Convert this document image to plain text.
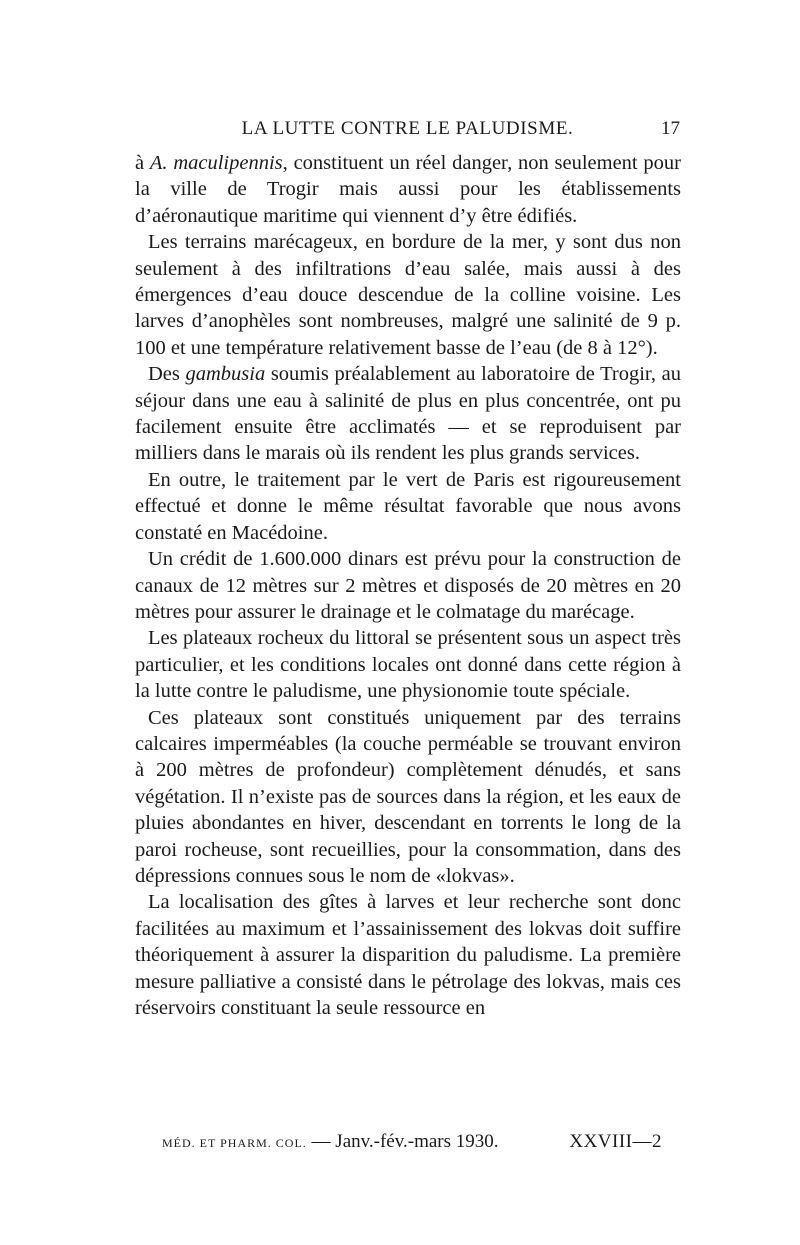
LA LUTTE CONTRE LE PALUDISME.	17

à A. maculipennis, constituent un réel danger, non seulement pour la ville de Trogir mais aussi pour les établissements d’aéronautique maritime qui viennent d’y être édifiés.

Les terrains marécageux, en bordure de la mer, y sont dus non seulement à des infiltrations d’eau salée, mais aussi à des émergences d’eau douce descendue de la colline voisine. Les larves d’anophèles sont nombreuses, malgré une salinité de 9 p. 100 et une température relativement basse de l’eau (de 8 à 12°).

Des gambusia soumis préalablement au laboratoire de Trogir, au séjour dans une eau à salinité de plus en plus concentrée, ont pu facilement ensuite être acclimatés — et se reproduisent par milliers dans le marais où ils rendent les plus grands services.

En outre, le traitement par le vert de Paris est rigoureusement effectué et donne le même résultat favorable que nous avons constaté en Macédoine.

Un crédit de 1.600.000 dinars est prévu pour la construction de canaux de 12 mètres sur 2 mètres et disposés de 20 mètres en 20 mètres pour assurer le drainage et le colmatage du marécage.

Les plateaux rocheux du littoral se présentent sous un aspect très particulier, et les conditions locales ont donné dans cette région à la lutte contre le paludisme, une physionomie toute spéciale.

Ces plateaux sont constitués uniquement par des terrains calcaires imperméables (la couche perméable se trouvant environ à 200 mètres de profondeur) complètement dénudés, et sans végétation. Il n’existe pas de sources dans la région, et les eaux de pluies abondantes en hiver, descendant en torrents le long de la paroi rocheuse, sont recueillies, pour la consommation, dans des dépressions connues sous le nom de «lokvas».

La localisation des gîtes à larves et leur recherche sont donc facilitées au maximum et l’assainissement des lokvas doit suffire théoriquement à assurer la disparition du paludisme. La première mesure palliative a consisté dans le pétrolage des lokvas, mais ces réservoirs constituant la seule ressource en

MÉD. ET PHARM. COL. — Janv.-fév.-mars 1930.	XXVIII—2
